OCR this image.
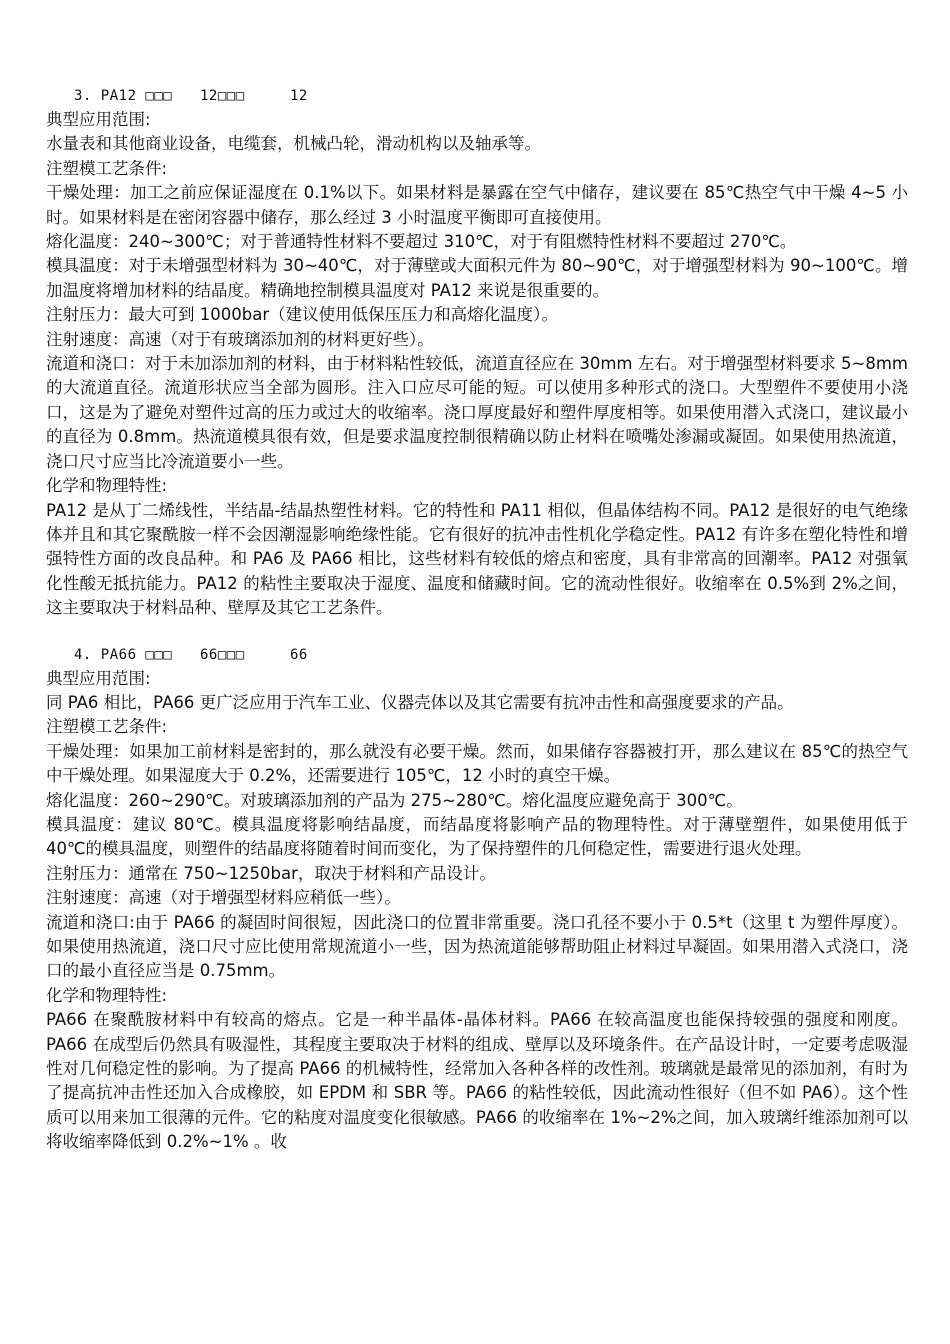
3. PA12 □□□ 12□□□	12
典型应用范围:

水量表和其他商业设备，电缆套，机械凸轮，滑动机构以及轴承等。

注塑模工艺条件:

干燥处理：加工之前应保证湿度在 0.1%以下。如果材料是暴露在空气中储存，建议要在 85℃热空气中干燥 4~5 小时。如果材料是在密闭容器中储存，那么经过 3 小时温度平衡即可直接使用。

熔化温度：240~300℃；对于普通特性材料不要超过 310℃，对于有阻燃特性材料不要超过 270℃。

模具温度：对于未增强型材料为 30~40℃，对于薄壁或大面积元件为 80~90℃，对于增强型材料为 90~100℃。增加温度将增加材料的结晶度。精确地控制模具温度对 PA12 来说是很重要的。

注射压力：最大可到 1000bar（建议使用低保压压力和高熔化温度）。

注射速度：高速（对于有玻璃添加剂的材料更好些）。

流道和浇口：对于未加添加剂的材料，由于材料粘性较低，流道直径应在 30mm 左右。对于增强型材料要求 5~8mm 的大流道直径。流道形状应当全部为圆形。注入口应尽可能的短。可以使用多种形式的浇口。大型塑件不要使用小浇口，这是为了避免对塑件过高的压力或过大的收缩率。浇口厚度最好和塑件厚度相等。如果使用潜入式浇口，建议最小的直径为 0.8mm。热流道模具很有效，但是要求温度控制很精确以防止材料在喷嘴处渗漏或凝固。如果使用热流道，浇口尺寸应当比冷流道要小一些。

化学和物理特性:

PA12 是从丁二烯线性，半结晶-结晶热塑性材料。它的特性和 PA11 相似，但晶体结构不同。PA12 是很好的电气绝缘体并且和其它聚酰胺一样不会因潮湿影响绝缘性能。它有很好的抗冲击性机化学稳定性。PA12 有许多在塑化特性和增强特性方面的改良品种。和 PA6 及 PA66 相比，这些材料有较低的熔点和密度，具有非常高的回潮率。PA12 对强氧化性酸无抵抗能力。PA12 的粘性主要取决于湿度、温度和储藏时间。它的流动性很好。收缩率在 0.5%到 2%之间，这主要取决于材料品种、壁厚及其它工艺条件。

4. PA66 □□□ 66□□□	66
典型应用范围:

同 PA6 相比，PA66 更广泛应用于汽车工业、仪器壳体以及其它需要有抗冲击性和高强度要求的产品。

注塑模工艺条件:

干燥处理：如果加工前材料是密封的，那么就没有必要干燥。然而，如果储存容器被打开，那么建议在 85℃的热空气中干燥处理。如果湿度大于 0.2%，还需要进行 105℃，12 小时的真空干燥。

熔化温度：260~290℃。对玻璃添加剂的产品为 275~280℃。熔化温度应避免高于 300℃。

模具温度：建议 80℃。模具温度将影响结晶度，而结晶度将影响产品的物理特性。对于薄壁塑件，如果使用低于 40℃的模具温度，则塑件的结晶度将随着时间而变化，为了保持塑件的几何稳定性，需要进行退火处理。

注射压力：通常在 750~1250bar，取决于材料和产品设计。

注射速度：高速（对于增强型材料应稍低一些）。

流道和浇口:由于 PA66 的凝固时间很短，因此浇口的位置非常重要。浇口孔径不要小于 0.5*t（这里 t 为塑件厚度）。如果使用热流道，浇口尺寸应比使用常规流道小一些，因为热流道能够帮助阻止材料过早凝固。如果用潜入式浇口，浇口的最小直径应当是 0.75mm。

化学和物理特性:

PA66 在聚酰胺材料中有较高的熔点。它是一种半晶体-晶体材料。PA66 在较高温度也能保持较强的强度和刚度。PA66 在成型后仍然具有吸湿性，其程度主要取决于材料的组成、壁厚以及环境条件。在产品设计时，一定要考虑吸湿性对几何稳定性的影响。为了提高 PA66 的机械特性，经常加入各种各样的改性剂。玻璃就是最常见的添加剂，有时为了提高抗冲击性还加入合成橡胶，如 EPDM 和 SBR 等。PA66 的粘性较低，因此流动性很好（但不如 PA6）。这个性质可以用来加工很薄的元件。它的粘度对温度变化很敏感。PA66 的收缩率在 1%~2%之间，加入玻璃纤维添加剂可以将收缩率降低到 0.2%~1% 。收
